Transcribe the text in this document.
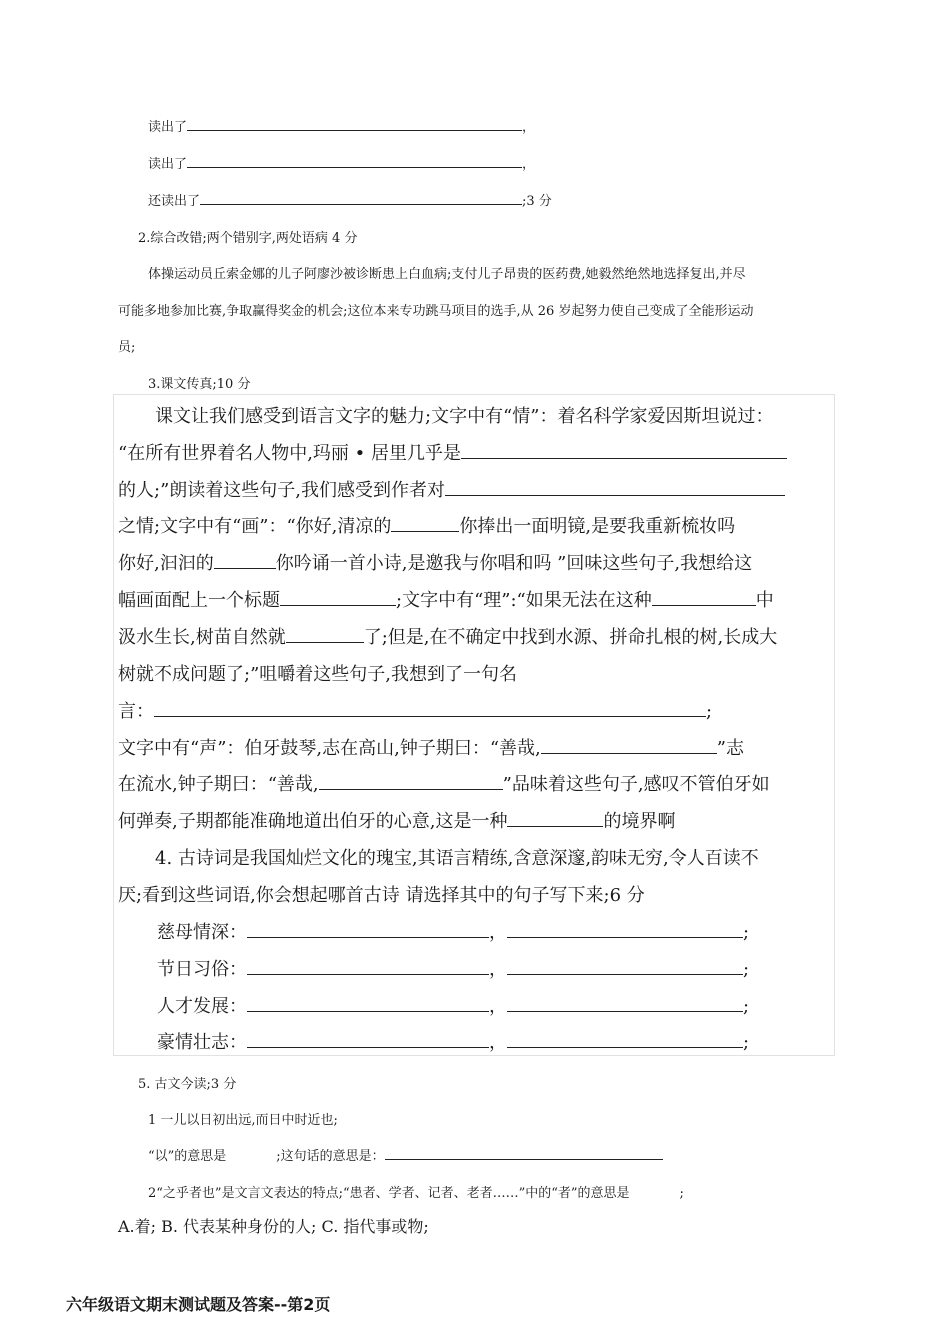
读出了	，
读出了	，
还读出了	;3 分
2.综合改错;两个错别字,两处语病 4 分
体操运动员丘索金娜的儿子阿廖沙被诊断患上白血病;支付儿子昂贵的医药费,她毅然绝然地选择复出,并尽
可能多地参加比赛,争取赢得奖金的机会;这位本来专功跳马项目的选手,从 26 岁起努力使自己变成了全能形运动
员;
3.课文传真;10 分
课文让我们感受到语言文字的魅力;文字中有“情”：着名科学家爱因斯坦说过：
“在所有世界着名人物中,玛丽 • 居里几乎是
的人;”朗读着这些句子,我们感受到作者对
之情;文字中有“画”：“你好,清凉的	你捧出一面明镜,是要我重新梳妆吗
你好,汩汩的	你吟诵一首小诗,是邀我与你唱和吗 ”回味这些句子,我想给这
幅画面配上一个标题	;文字中有“理”:“如果无法在这种	中
汲水生长,树苗自然就	了;但是,在不确定中找到水源、拼命扎根的树,长成大
树就不成问题了;”咀嚼着这些句子,我想到了一句名
言：	;
文字中有“声”：伯牙鼓琴,志在高山,钟子期曰：“善哉,	”志
在流水,钟子期曰：“善哉,	”品味着这些句子,感叹不管伯牙如
何弹奏,子期都能准确地道出伯牙的心意,这是一种	的境界啊
4. 古诗词是我国灿烂文化的瑰宝,其语言精练,含意深邃,韵味无穷,令人百读不
厌;看到这些词语,你会想起哪首古诗 请选择其中的句子写下来;6 分
慈母情深：	，	;
节日习俗：	，	;
人才发展：	，	;
豪情壮志：	，	;
5. 古文今读;3 分
1 一儿以日初出远,而日中时近也;
“以”的意思是	;这句话的意思是：
2“之乎者也”是文言文表达的特点;“患者、学者、记者、老者……”中的“者”的意思是	;
A.着; B. 代表某种身份的人; C. 指代事或物;
六年级语文期末测试题及答案--第2页
